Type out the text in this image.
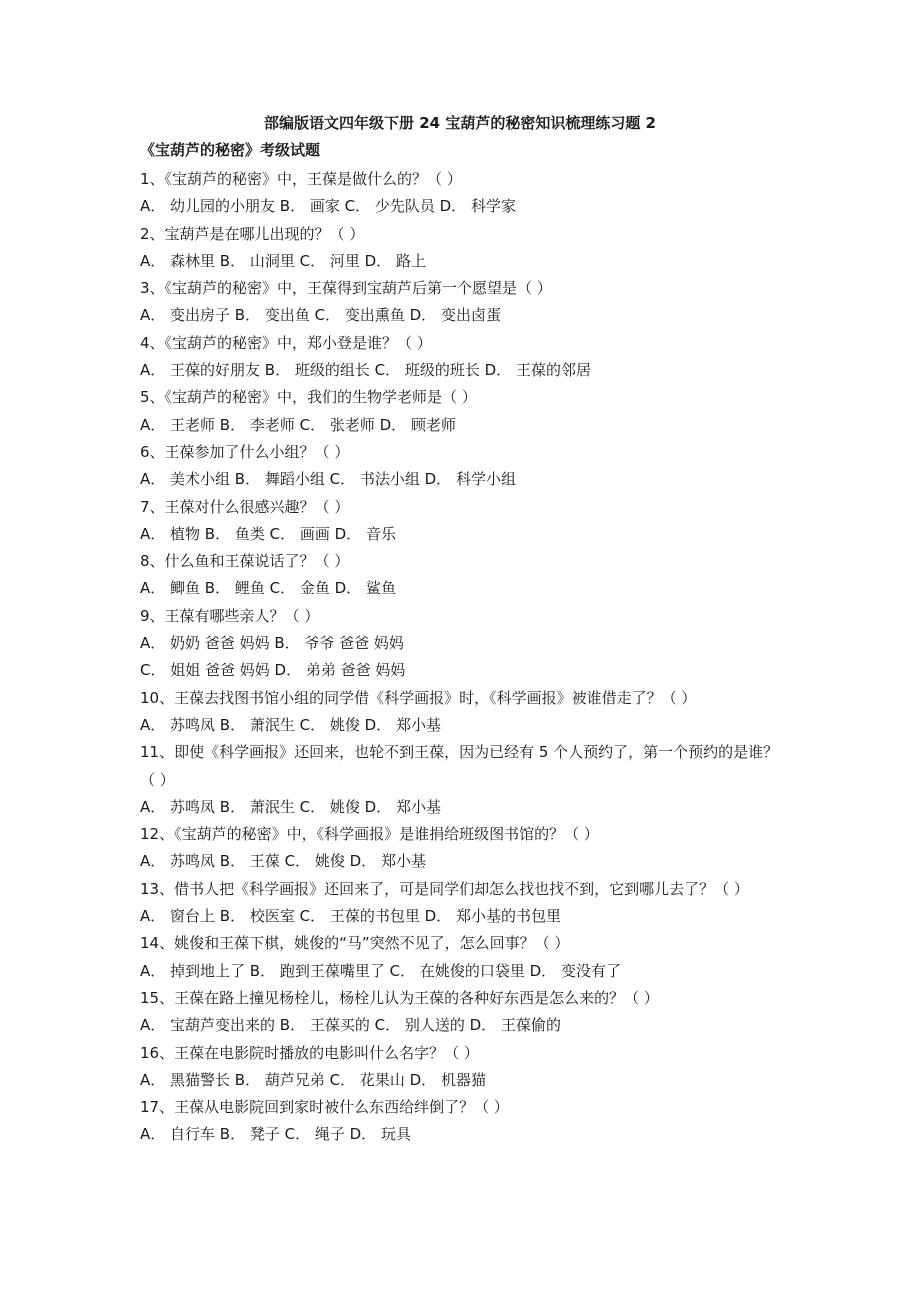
部编版语文四年级下册 24 宝葫芦的秘密知识梳理练习题 2
《宝葫芦的秘密》考级试题
1、《宝葫芦的秘密》中，王葆是做什么的？（ ）
A． 幼儿园的小朋友 B． 画家 C． 少先队员 D． 科学家
2、宝葫芦是在哪儿出现的？（ ）
A． 森林里 B． 山洞里 C． 河里 D． 路上
3、《宝葫芦的秘密》中，王葆得到宝葫芦后第一个愿望是（ ）
A． 变出房子 B． 变出鱼 C． 变出熏鱼 D． 变出卤蛋
4、《宝葫芦的秘密》中，郑小登是谁？（ ）
A． 王葆的好朋友 B． 班级的组长 C． 班级的班长 D． 王葆的邻居
5、《宝葫芦的秘密》中，我们的生物学老师是（ ）
A． 王老师 B． 李老师 C． 张老师 D． 顾老师
6、王葆参加了什么小组？（ ）
A． 美术小组 B． 舞蹈小组 C． 书法小组 D． 科学小组
7、王葆对什么很感兴趣？（ ）
A． 植物 B． 鱼类 C． 画画 D． 音乐
8、什么鱼和王葆说话了？（ ）
A． 鲫鱼 B． 鲤鱼 C． 金鱼 D． 鲨鱼
9、王葆有哪些亲人？（ ）
A． 奶奶 爸爸 妈妈 B． 爷爷 爸爸 妈妈
C． 姐姐 爸爸 妈妈 D． 弟弟 爸爸 妈妈
10、王葆去找图书馆小组的同学借《科学画报》时，《科学画报》被谁借走了？（ ）
A． 苏鸣凤 B． 萧泯生 C． 姚俊 D． 郑小基
11、即使《科学画报》还回来，也轮不到王葆，因为已经有 5 个人预约了，第一个预约的是谁？（ ）
A． 苏鸣凤 B． 萧泯生 C． 姚俊 D． 郑小基
12、《宝葫芦的秘密》中，《科学画报》是谁捐给班级图书馆的？（ ）
A． 苏鸣凤 B． 王葆 C． 姚俊 D． 郑小基
13、借书人把《科学画报》还回来了，可是同学们却怎么找也找不到，它到哪儿去了？（ ）
A． 窗台上 B． 校医室 C． 王葆的书包里 D． 郑小基的书包里
14、姚俊和王葆下棋，姚俊的“马”突然不见了，怎么回事？（ ）
A． 掉到地上了 B． 跑到王葆嘴里了 C． 在姚俊的口袋里 D． 变没有了
15、王葆在路上撞见杨栓儿，杨栓儿认为王葆的各种好东西是怎么来的？（ ）
A． 宝葫芦变出来的 B． 王葆买的 C． 别人送的 D． 王葆偷的
16、王葆在电影院时播放的电影叫什么名字？（ ）
A． 黑猫警长 B． 葫芦兄弟 C． 花果山 D． 机器猫
17、王葆从电影院回到家时被什么东西给绊倒了？（ ）
A． 自行车 B． 凳子 C． 绳子 D． 玩具
